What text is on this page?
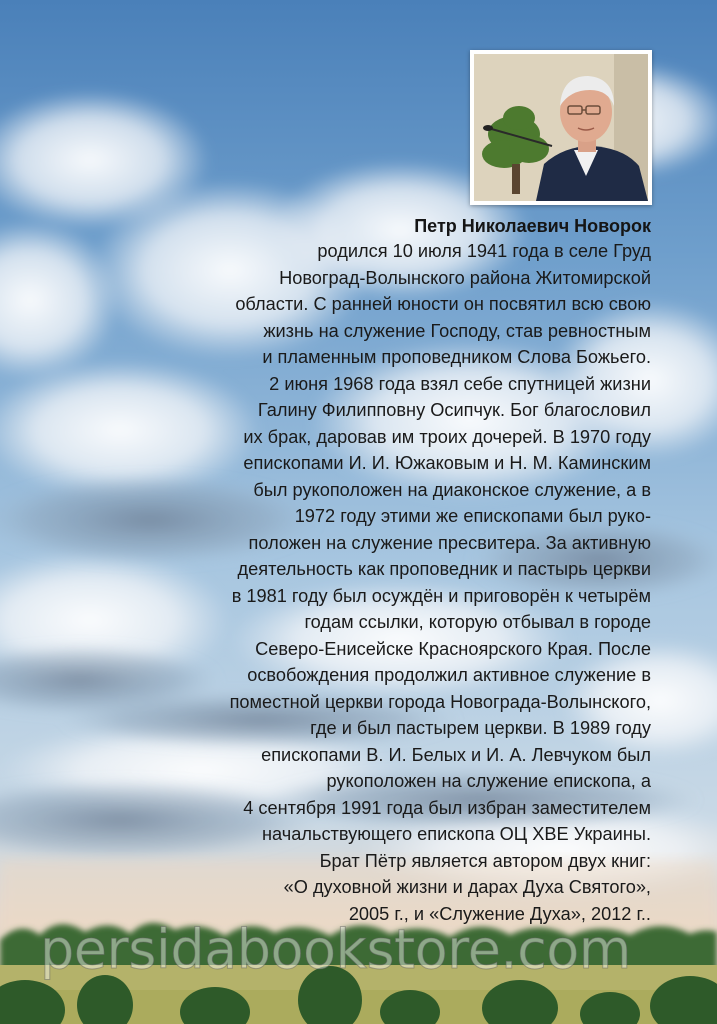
Петр Николаевич Новорок
родился 10 июля 1941 года в селе Груд
Новоград-Волынского района Житомирской
области. С ранней юности он посвятил всю свою
жизнь на служение Господу, став ревностным
и пламенным проповедником Слова Божьего.
2 июня 1968 года взял себе спутницей жизни
Галину Филипповну Осипчук. Бог благословил
их брак, даровав им троих дочерей. В 1970 году
епископами И. И. Южаковым и Н. М. Каминским
был рукоположен на диаконское служение, а в
1972 году этими же епископами был руко-
положен на служение пресвитера. За активную
деятельность как проповедник и пастырь церкви
в 1981 году был осуждён и приговорён к четырём
годам ссылки, которую отбывал в городе
Северо-Енисейске Красноярского Края. После
освобождения продолжил активное служение в
поместной церкви города Новограда-Волынского,
где и был пастырем церкви. В 1989 году
епископами В. И. Белых и И. А. Левчуком был
рукоположен на служение епископа, а
4 сентября 1991 года был избран заместителем
начальствующего епископа ОЦ ХВЕ Украины.
Брат Пётр является автором двух книг:
«О духовной жизни и дарах Духа Святого»,
2005 г., и «Служение Духа», 2012 г..
persidabookstore.com
